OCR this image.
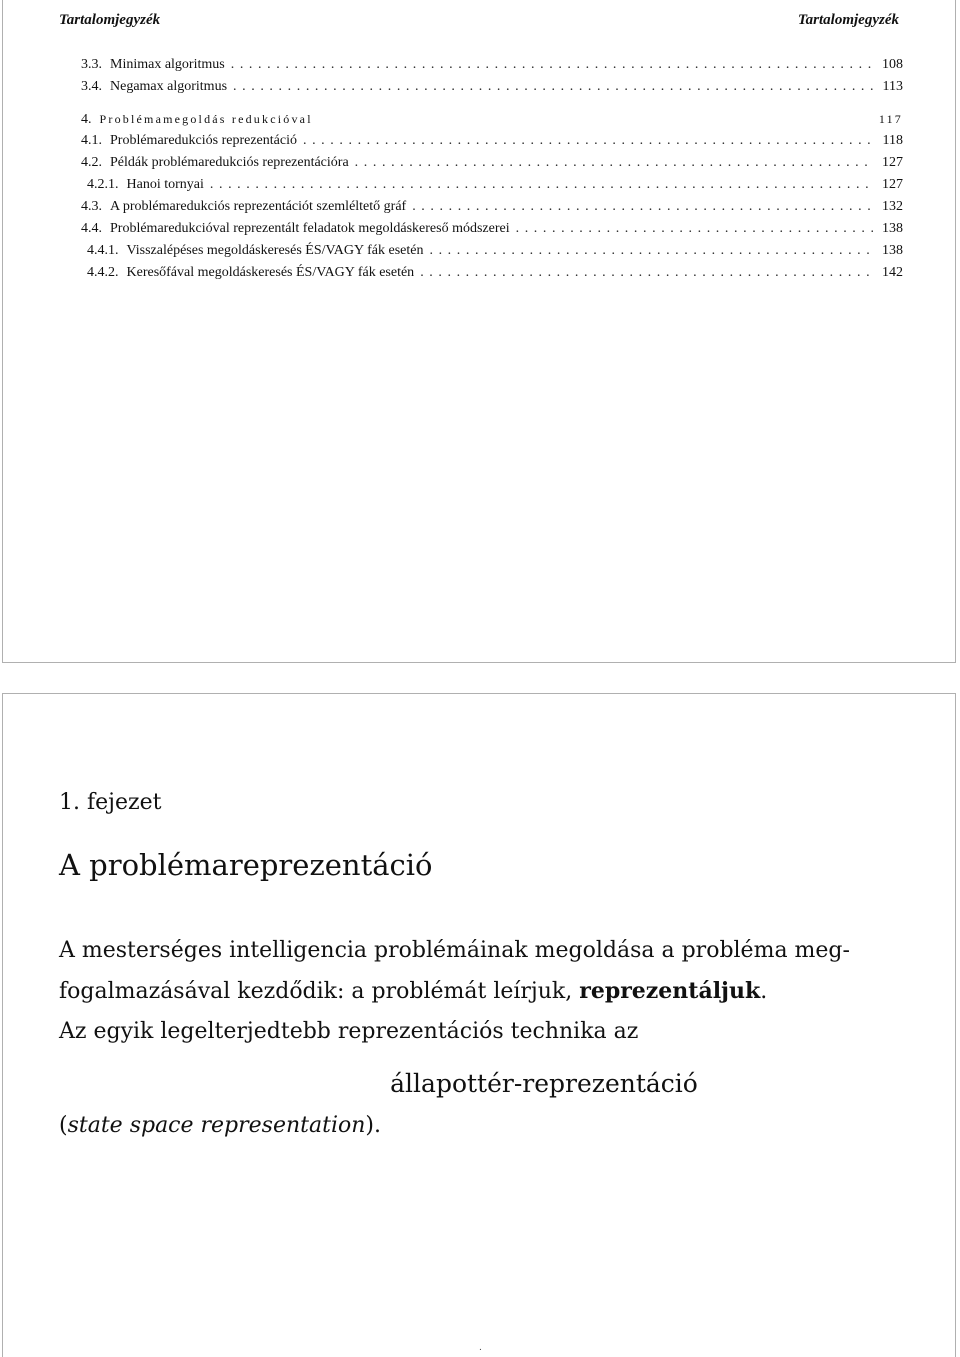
Tartalomjegyzék	Tartalomjegyzék
3.3. Minimax algoritmus .....	108
3.4. Negamax algoritmus .....	113
4. Problémamegoldás redukcióval	117
4.1. Problémaredukciós reprezentáció .....	118
4.2. Példák problémaredukciós reprezentációra .....	127
4.2.1. Hanoi tornyai .....	127
4.3. A problémaredukciós reprezentációt szemléltető gráf .....	132
4.4. Problémaredukcióval reprezentált feladatok megoldáskereső módszerei .....	138
4.4.1. Visszalépéses megoldáskeresés ÉS/VAGY fák esetén .....	138
4.4.2. Keresőfával megoldáskeresés ÉS/VAGY fák esetén .....	142
1. fejezet
A problémareprezentáció

A mesterséges intelligencia problémáinak megoldása a probléma meg-fogalmazásával kezdődik: a problémát leírjuk, reprezentáljuk.

Az egyik legelterjedtebb reprezentációs technika az

állapottér-reprezentáció

(state space representation).

.
